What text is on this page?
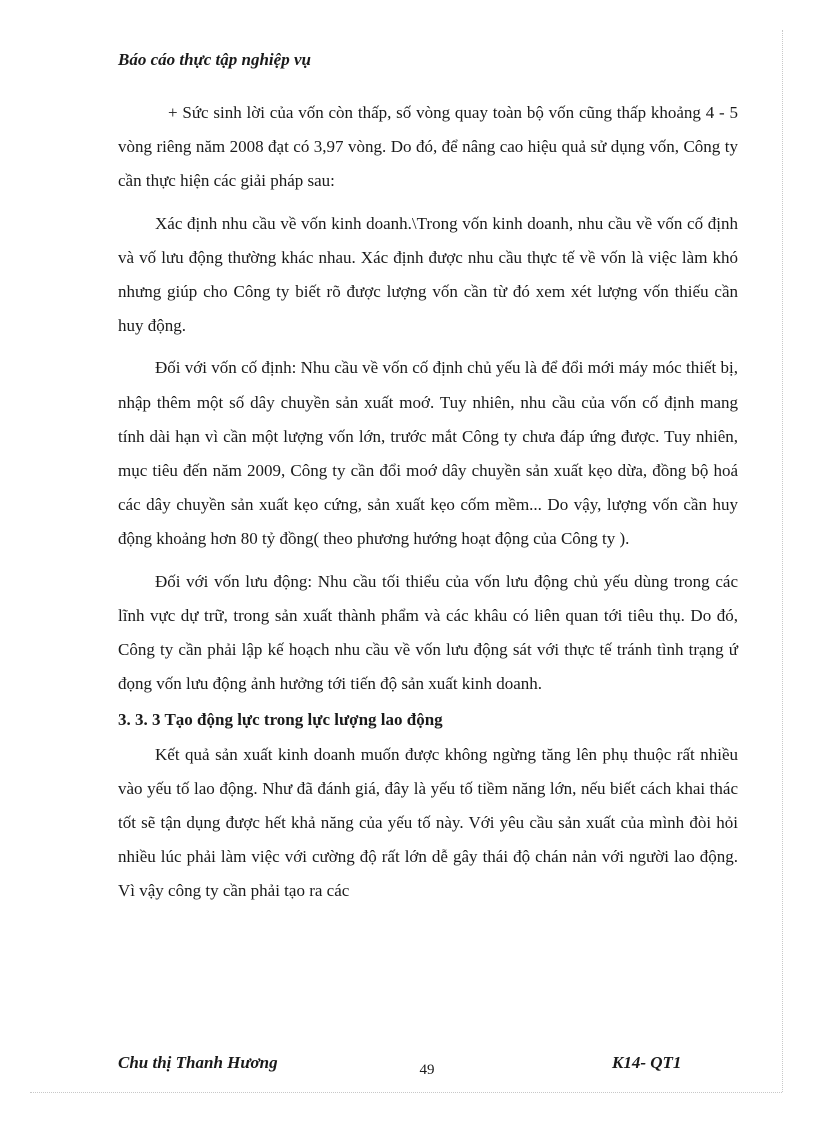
Báo cáo thực tập nghiệp vụ

+ Sức sinh lời của vốn còn thấp, số vòng quay toàn bộ vốn cũng thấp khoảng 4 - 5 vòng riêng năm 2008 đạt có 3,97 vòng. Do đó, để nâng cao hiệu quả sử dụng vốn, Công ty cần thực hiện các giải pháp sau:

Xác định nhu cầu về vốn kinh doanh.\Trong vốn kinh doanh, nhu cầu về vốn cố định và vố lưu động thường khác nhau. Xác định được nhu cầu thực tế về vốn là việc làm khó nhưng giúp cho Công ty biết rõ được lượng vốn cần từ đó xem xét lượng vốn thiếu cần huy động.

Đối với vốn cố định: Nhu cầu về vốn cố định chủ yếu là để đổi mới máy móc thiết bị, nhập thêm một số dây chuyền sản xuất moớ. Tuy nhiên, nhu cầu của vốn cố định mang tính dài hạn vì cần một lượng vốn lớn, trước mắt Công ty chưa đáp ứng được. Tuy nhiên, mục tiêu đến năm 2009, Công ty cần đổi moớ dây chuyền sản xuất kẹo dừa, đồng bộ hoá các dây chuyền sản xuất kẹo cứng, sản xuất kẹo cốm mềm... Do vậy, lượng vốn cần huy động khoảng hơn 80 tỷ đồng( theo phương hướng hoạt động của Công ty ).

Đối với vốn lưu động: Nhu cầu tối thiểu của vốn lưu động chủ yếu dùng trong các lĩnh vực dự trữ, trong sản xuất thành phẩm và các khâu có liên quan tới tiêu thụ. Do đó, Công ty cần phải lập kế hoạch nhu cầu về vốn lưu động sát với thực tế tránh tình trạng ứ đọng vốn lưu động ảnh hưởng tới tiến độ sản xuất kinh doanh.

3. 3. 3 Tạo động lực trong lực lượng lao động

Kết quả sản xuất kinh doanh muốn được không ngừng tăng lên phụ thuộc rất nhiều vào yếu tố lao động. Như đã đánh giá, đây là yếu tố tiềm năng lớn, nếu biết cách khai thác tốt sẽ tận dụng được hết khả năng của yếu tố này. Với yêu cầu sản xuất của mình đòi hỏi nhiều lúc phải làm việc với cường độ rất lớn dễ gây thái độ chán nản với người lao động. Vì vậy công ty cần phải tạo ra các

Chu thị Thanh Hương	49	K14- QT1
